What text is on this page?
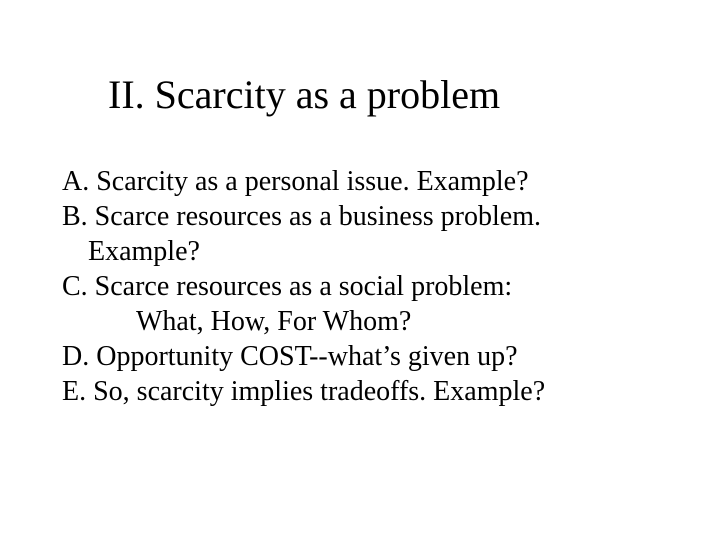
II. Scarcity as a problem
A. Scarcity as a personal issue. Example?
B. Scarce resources as a business problem.
Example?
C. Scarce resources as a social problem:
What, How, For Whom?
D. Opportunity COST--what’s given up?
E. So, scarcity implies tradeoffs. Example?
